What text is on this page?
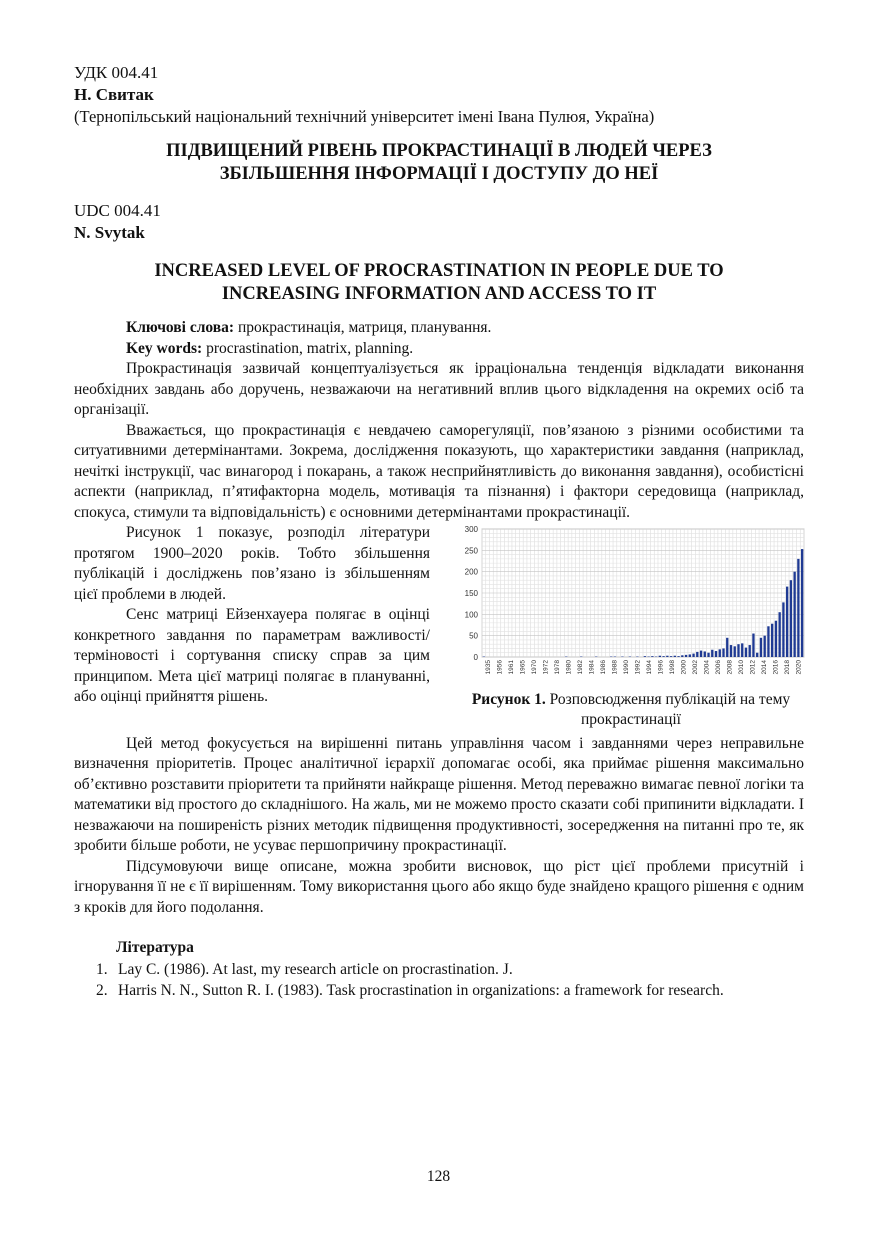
УДК 004.41

Н. Свитак

(Тернопільський національний технічний університет імені Івана Пулюя, Україна)

ПІДВИЩЕНИЙ РІВЕНЬ ПРОКРАСТИНАЦІЇ В ЛЮДЕЙ ЧЕРЕЗ

ЗБІЛЬШЕННЯ ІНФОРМАЦІЇ І ДОСТУПУ ДО НЕЇ

UDC 004.41

N. Svytak

INCREASED LEVEL OF PROCRASTINATION IN PEOPLE DUE TO

INCREASING INFORMATION AND ACCESS TO IT

Ключові слова: прокрастинація, матриця, планування.

Key words: procrastination, matrix, planning.

Прокрастинація зазвичай концептуалізується як ірраціональна тенденція відкладати виконання необхідних завдань або доручень, незважаючи на негативний вплив цього відкладення на окремих осіб та організації.

Вважається, що прокрастинація є невдачею саморегуляції, пов’язаною з різними особистими та ситуативними детермінантами. Зокрема, дослідження показують, що характеристики завдання (наприклад, нечіткі інструкції, час винагород і покарань, а також несприйнятливість до виконання завдання), особистісні аспекти (наприклад, п’ятифакторна модель, мотивація та пізнання) і фактори середовища (наприклад, спокуса, стимули та відповідальність) є основними детермінантами прокрастинації.

Рисунок 1 показує, розподіл літератури протягом 1900–2020 років. Тобто збільшення публікацій і досліджень пов’язано із збільшенням цієї проблеми в людей.

Сенс матриці Ейзенхауера полягає в оцінці конкретного завдання по параметрам важливості/терміновості і сортування списку справ за цим принципом. Мета цієї матриці полягає в плануванні, або оцінці прийняття рішень.

0
50
100
150
200
250
300
1935 1956 1961 1965 1970 1972 1978 1980 1982 1984 1986 1988 1990 1992 1994 1996 1998 2000 2002 2004 2006 2008 2010 2012 2014 2016 2018 2020
Рисунок 1. Розповсюдження публікацій на тему прокрастинації

Цей метод фокусується на вирішенні питань управління часом і завданнями через неправильне визначення пріоритетів. Процес аналітичної ієрархії допомагає особі, яка приймає рішення максимально об’єктивно розставити пріоритети та прийняти найкраще рішення. Метод переважно вимагає певної логіки та математики від простого до складнішого. На жаль, ми не можемо просто сказати собі припинити відкладати. І незважаючи на поширеність різних методик підвищення продуктивності, зосередження на питанні про те, як зробити більше роботи, не усуває першопричину прокрастинації.

Підсумовуючи вище описане, можна зробити висновок, що ріст цієї проблеми присутній і ігнорування її не є її вирішенням. Тому використання цього або якщо буде знайдено кращого рішення є одним з кроків для його подолання.

Література

1. Lay C. (1986). At last, my research article on procrastination. J.
2. Harris N. N., Sutton R. I. (1983). Task procrastination in organizations: a framework for research.
128
